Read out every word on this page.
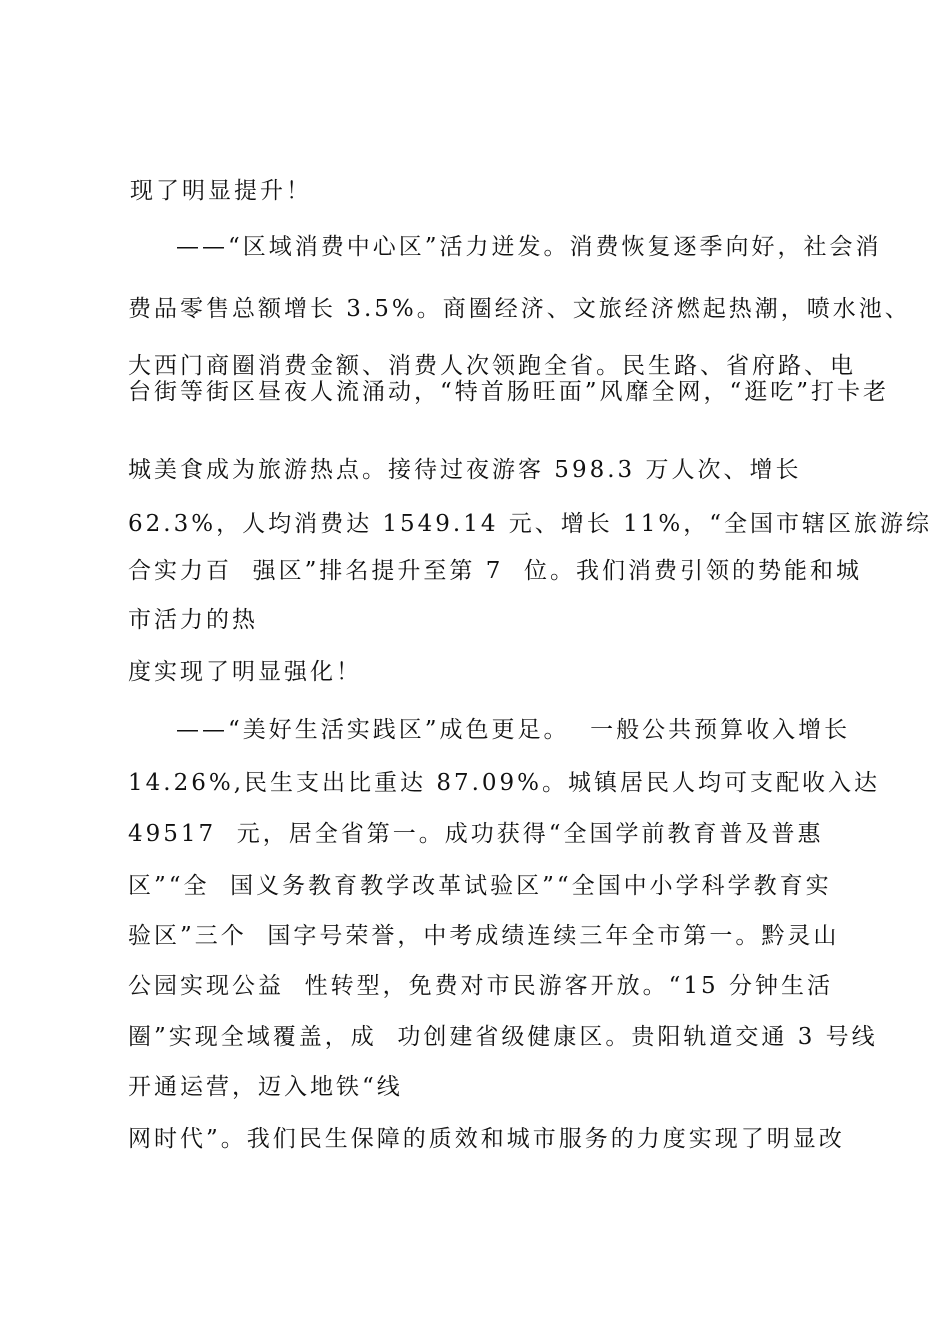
现了明显提升！
——“区域消费中心区”活力迸发。消费恢复逐季向好，社会消
费品零售总额增长 3.5%。商圈经济、文旅经济燃起热潮，喷水池、
大西门商圈消费金额、消费人次领跑全省。民生路、省府路、电
台街等街区昼夜人流涌动，“特首肠旺面”风靡全网，“逛吃”打卡老
城美食成为旅游热点。接待过夜游客 598.3 万人次、增长
62.3%，人均消费达 1549.14 元、增长 11%，“全国市辖区旅游综
合实力百  强区”排名提升至第 7  位。我们消费引领的势能和城
市活力的热
度实现了明显强化！
——“美好生活实践区”成色更足。  一般公共预算收入增长
14.26%,民生支出比重达 87.09%。城镇居民人均可支配收入达
49517  元，居全省第一。成功获得“全国学前教育普及普惠
区”“全  国义务教育教学改革试验区”“全国中小学科学教育实
验区”三个  国字号荣誉，中考成绩连续三年全市第一。黔灵山
公园实现公益  性转型，免费对市民游客开放。“15 分钟生活
圈”实现全域覆盖，成  功创建省级健康区。贵阳轨道交通 3 号线
开通运营，迈入地铁“线
网时代”。我们民生保障的质效和城市服务的力度实现了明显改
